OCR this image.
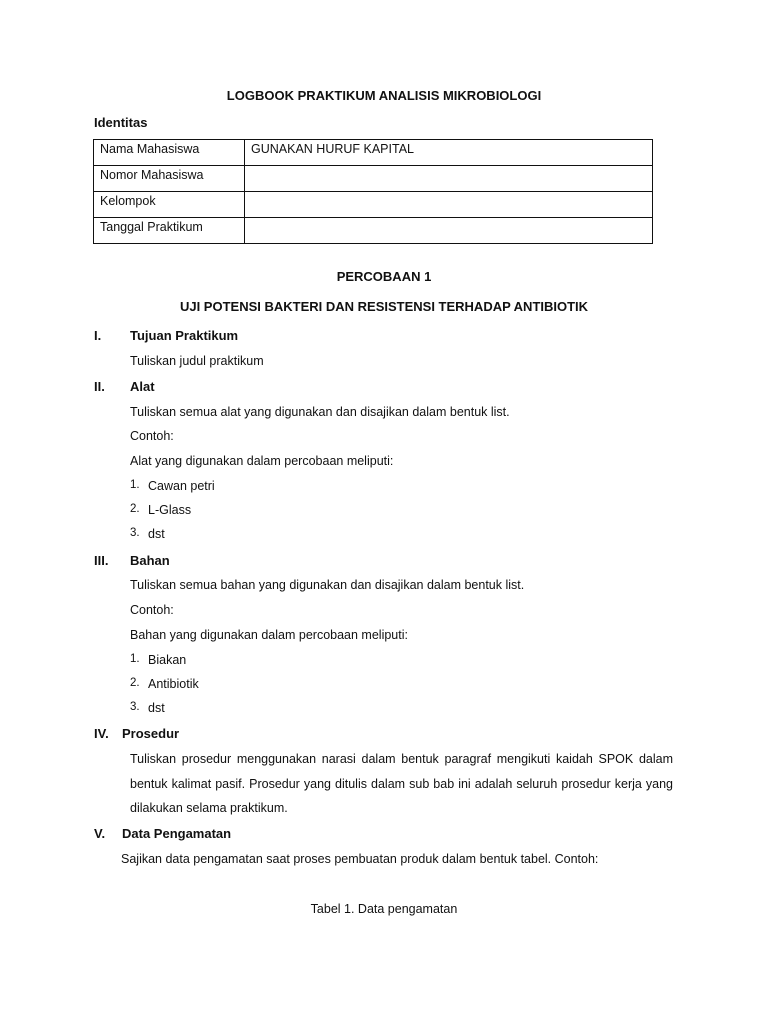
LOGBOOK PRAKTIKUM ANALISIS MIKROBIOLOGI
Identitas
Nama Mahasiswa	GUNAKAN HURUF KAPITAL
Nomor Mahasiswa	
Kelompok	
Tanggal Praktikum	
PERCOBAAN 1
UJI POTENSI BAKTERI DAN RESISTENSI TERHADAP ANTIBIOTIK
I. Tujuan Praktikum
Tuliskan judul praktikum
II. Alat
Tuliskan semua alat yang digunakan dan disajikan dalam bentuk list.
Contoh:
Alat yang digunakan dalam percobaan meliputi:
1. Cawan petri
2. L-Glass
3. dst
III. Bahan
Tuliskan semua bahan yang digunakan dan disajikan dalam bentuk list.
Contoh:
Bahan yang digunakan dalam percobaan meliputi:
1. Biakan
2. Antibiotik
3. dst
IV. Prosedur
Tuliskan prosedur menggunakan narasi dalam bentuk paragraf mengikuti kaidah SPOK dalam bentuk kalimat pasif. Prosedur yang ditulis dalam sub bab ini adalah seluruh prosedur kerja yang dilakukan selama praktikum.
V. Data Pengamatan
Sajikan data pengamatan saat proses pembuatan produk dalam bentuk tabel. Contoh:
Tabel 1. Data pengamatan
